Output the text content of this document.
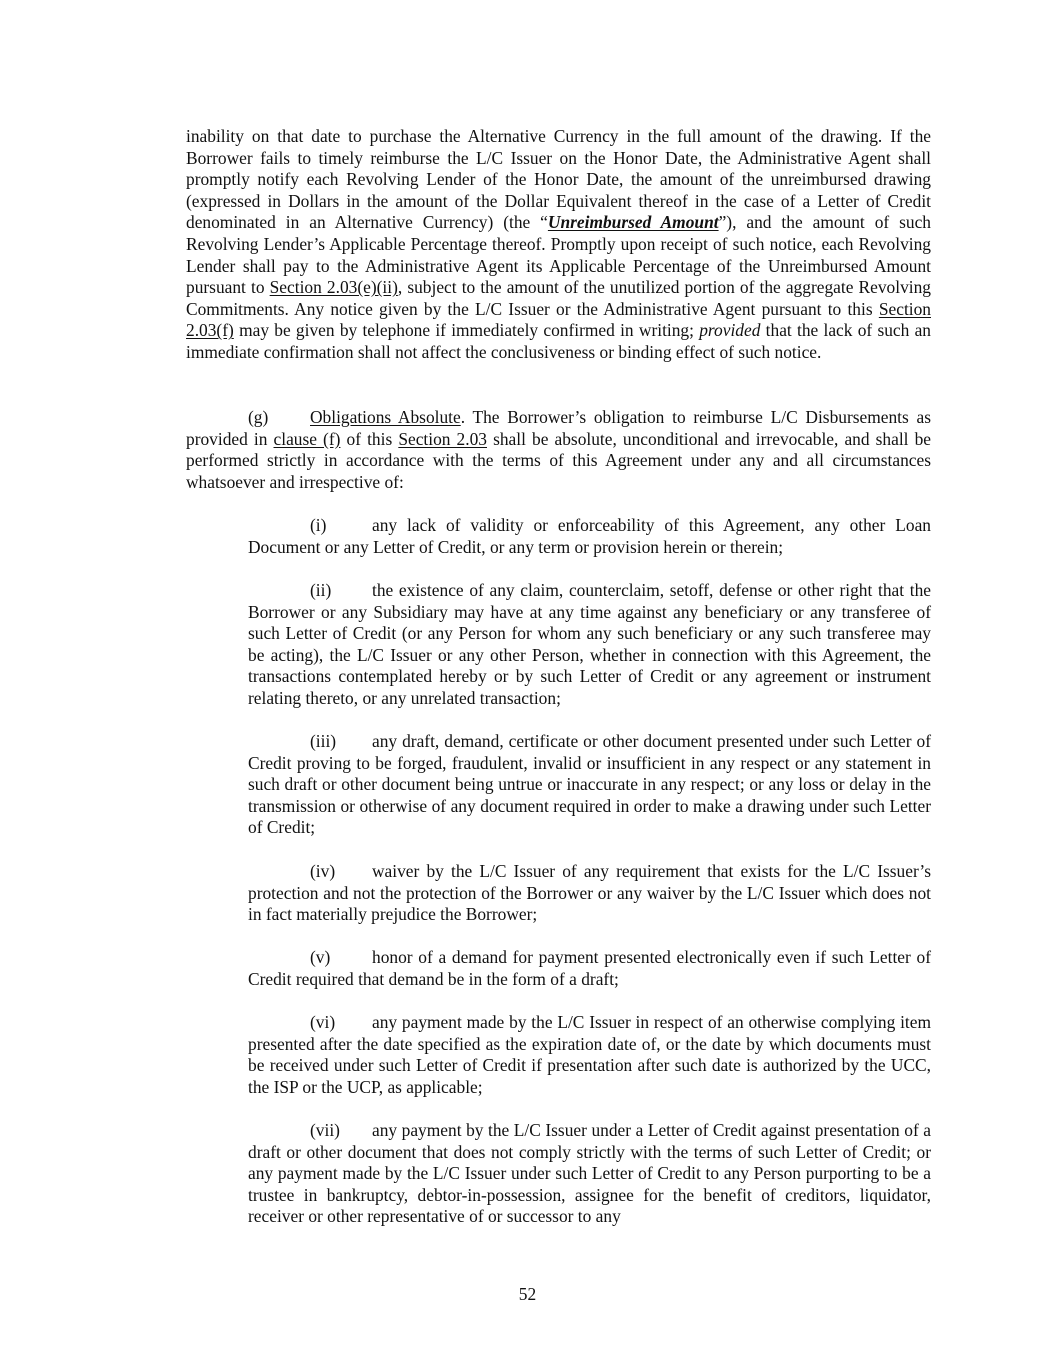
inability on that date to purchase the Alternative Currency in the full amount of the drawing. If the Borrower fails to timely reimburse the L/C Issuer on the Honor Date, the Administrative Agent shall promptly notify each Revolving Lender of the Honor Date, the amount of the unreimbursed drawing (expressed in Dollars in the amount of the Dollar Equivalent thereof in the case of a Letter of Credit denominated in an Alternative Currency) (the “Unreimbursed Amount”), and the amount of such Revolving Lender’s Applicable Percentage thereof. Promptly upon receipt of such notice, each Revolving Lender shall pay to the Administrative Agent its Applicable Percentage of the Unreimbursed Amount pursuant to Section 2.03(e)(ii), subject to the amount of the unutilized portion of the aggregate Revolving Commitments. Any notice given by the L/C Issuer or the Administrative Agent pursuant to this Section 2.03(f) may be given by telephone if immediately confirmed in writing; provided that the lack of such an immediate confirmation shall not affect the conclusiveness or binding effect of such notice.

(g) Obligations Absolute. The Borrower’s obligation to reimburse L/C Disbursements as provided in clause (f) of this Section 2.03 shall be absolute, unconditional and irrevocable, and shall be performed strictly in accordance with the terms of this Agreement under any and all circumstances whatsoever and irrespective of:

(i)	any lack of validity or enforceability of this Agreement, any other Loan Document or any Letter of Credit, or any term or provision herein or therein;

(ii) the existence of any claim, counterclaim, setoff, defense or other right that the Borrower or any Subsidiary may have at any time against any beneficiary or any transferee of such Letter of Credit (or any Person for whom any such beneficiary or any such transferee may be acting), the L/C Issuer or any other Person, whether in connection with this Agreement, the transactions contemplated hereby or by such Letter of Credit or any agreement or instrument relating thereto, or any unrelated transaction;

(iii) any draft, demand, certificate or other document presented under such Letter of Credit proving to be forged, fraudulent, invalid or insufficient in any respect or any statement in such draft or other document being untrue or inaccurate in any respect; or any loss or delay in the transmission or otherwise of any document required in order to make a drawing under such Letter of Credit;

(iv) waiver by the L/C Issuer of any requirement that exists for the L/C Issuer’s protection and not the protection of the Borrower or any waiver by the L/C Issuer which does not in fact materially prejudice the Borrower;

(v) honor of a demand for payment presented electronically even if such Letter of Credit required that demand be in the form of a draft;

(vi) any payment made by the L/C Issuer in respect of an otherwise complying item presented after the date specified as the expiration date of, or the date by which documents must be received under such Letter of Credit if presentation after such date is authorized by the UCC, the ISP or the UCP, as applicable;

(vii) any payment by the L/C Issuer under a Letter of Credit against presentation of a draft or other document that does not comply strictly with the terms of such Letter of Credit; or any payment made by the L/C Issuer under such Letter of Credit to any Person purporting to be a trustee in bankruptcy, debtor-in-possession, assignee for the benefit of creditors, liquidator, receiver or other representative of or successor to any

52
